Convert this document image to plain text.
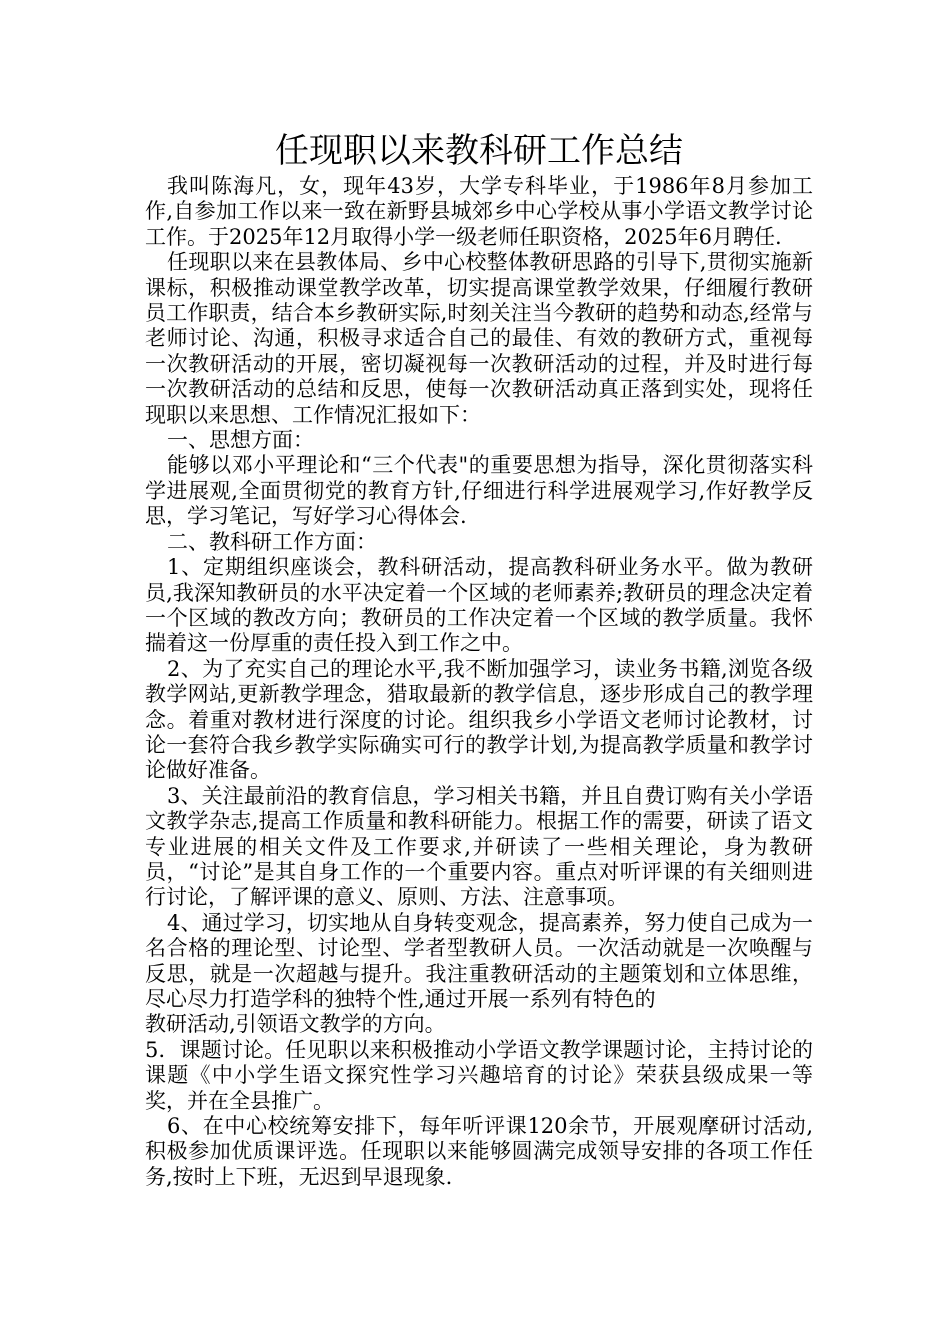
任现职以来教科研工作总结

我叫陈海凡，女，现年43岁，大学专科毕业，于1986年8月参加工作,自参加工作以来一致在新野县城郊乡中心学校从事小学语文教学讨论工作。于2025年12月取得小学一级老师任职资格，2025年6月聘任.

任现职以来在县教体局、乡中心校整体教研思路的引导下,贯彻实施新课标，积极推动课堂教学改革，切实提高课堂教学效果，仔细履行教研员工作职责，结合本乡教研实际,时刻关注当今教研的趋势和动态,经常与老师讨论、沟通，积极寻求适合自己的最佳、有效的教研方式，重视每一次教研活动的开展，密切凝视每一次教研活动的过程，并及时进行每一次教研活动的总结和反思，使每一次教研活动真正落到实处，现将任现职以来思想、工作情况汇报如下：

一、思想方面：

能够以邓小平理论和“三个代表"的重要思想为指导，深化贯彻落实科学进展观,全面贯彻党的教育方针,仔细进行科学进展观学习,作好教学反思，学习笔记，写好学习心得体会.

二、教科研工作方面：

1、定期组织座谈会，教科研活动，提高教科研业务水平。做为教研员,我深知教研员的水平决定着一个区域的老师素养;教研员的理念决定着一个区域的教改方向；教研员的工作决定着一个区域的教学质量。我怀揣着这一份厚重的责任投入到工作之中。

2、为了充实自己的理论水平,我不断加强学习，读业务书籍,浏览各级教学网站,更新教学理念，猎取最新的教学信息，逐步形成自己的教学理念。着重对教材进行深度的讨论。组织我乡小学语文老师讨论教材，讨论一套符合我乡教学实际确实可行的教学计划,为提高教学质量和教学讨论做好准备。

3、关注最前沿的教育信息，学习相关书籍，并且自费订购有关小学语文教学杂志,提高工作质量和教科研能力。根据工作的需要，研读了语文专业进展的相关文件及工作要求,并研读了一些相关理论，身为教研员，“讨论”是其自身工作的一个重要内容。重点对听评课的有关细则进行讨论，了解评课的意义、原则、方法、注意事项。

4、通过学习，切实地从自身转变观念，提高素养，努力使自己成为一名合格的理论型、讨论型、学者型教研人员。一次活动就是一次唤醒与反思，就是一次超越与提升。我注重教研活动的主题策划和立体思维，尽心尽力打造学科的独特个性,通过开展一系列有特色的

教研活动,引领语文教学的方向。

5．课题讨论。任见职以来积极推动小学语文教学课题讨论，主持讨论的课题《中小学生语文探究性学习兴趣培育的讨论》荣获县级成果一等奖，并在全县推广。

6、在中心校统筹安排下，每年听评课120余节，开展观摩研讨活动,积极参加优质课评选。任现职以来能够圆满完成领导安排的各项工作任务,按时上下班，无迟到早退现象.
